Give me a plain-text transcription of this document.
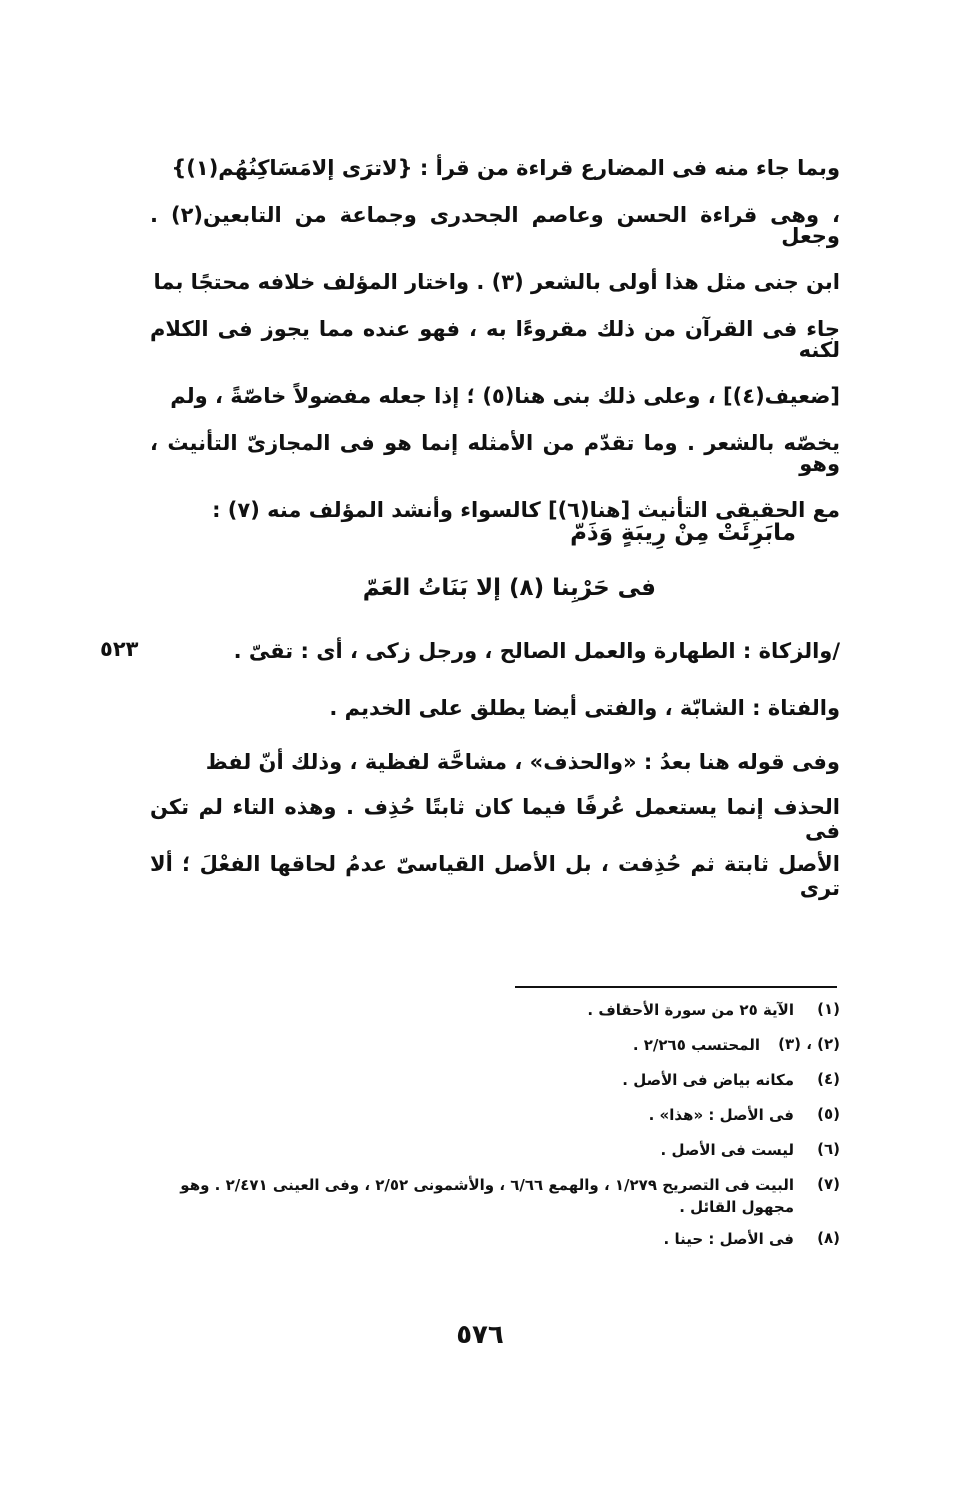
وبما جاء منه فى المضارع قراءة من قرأ : {لاترَى إلامَسَاكِنُهُم(١)}
، وهى قراءة الحسن وعاصم الجحدرى وجماعة من التابعين(٢) . وجعل
ابن جنى مثل هذا أولى بالشعر (٣) . واختار المؤلف خلافه محتجًا بما
جاء فى القرآن من ذلك مقروءًا به ، فهو عنده مما يجوز فى الكلام لكنه
[ضعيف(٤)] ، وعلى ذلك بنى هنا(٥) ؛ إذا جعله مفضولاً خاصّةً ، ولم
يخصّه بالشعر . وما تقدّم من الأمثله إنما هو فى المجازىّ التأنيث ، وهو
مع الحقيقى التأنيث [هنا(٦)] كالسواء وأنشد المؤلف منه (٧) :
مابَرِئَتْ مِنْ رِيبَةٍ وَذَمّ
فى حَرْبِنا (٨) إلا بَنَاتُ العَمّ
٥٢٣	/والزكاة : الطهارة والعمل الصالح ، ورجل زكى ، أى : تقىّ .
والفتاة : الشابّة ، والفتى أيضا يطلق على الخديم .
وفى قوله هنا بعدُ : «والحذف» ، مشاحَّة لفظية ، وذلك أنّ لفظ
الحذف إنما يستعمل عُرفًا فيما كان ثابتًا حُذِف . وهذه التاء لم تكن فى
الأصل ثابتة ثم حُذِفت ، بل الأصل القياسىّ عدمُ لحاقها الفعْلَ ؛ ألا ترى
(١)
الآية ٢٥ من سورة الأحقاف .
(٢) ، (٣)
المحتسب ٢/٢٦٥ .
(٤)
مكانه بياض فى الأصل .
(٥)
فى الأصل : «هذا» .
(٦)
ليست فى الأصل .
(٧)
البيت فى التصريح ١/٢٧٩ ، والهمع ٦/٦٦ ، والأشمونى ٢/٥٢ ، وفى العينى ٢/٤٧١ . وهو مجهول القائل .
(٨)
فى الأصل : حينا .
٥٧٦
